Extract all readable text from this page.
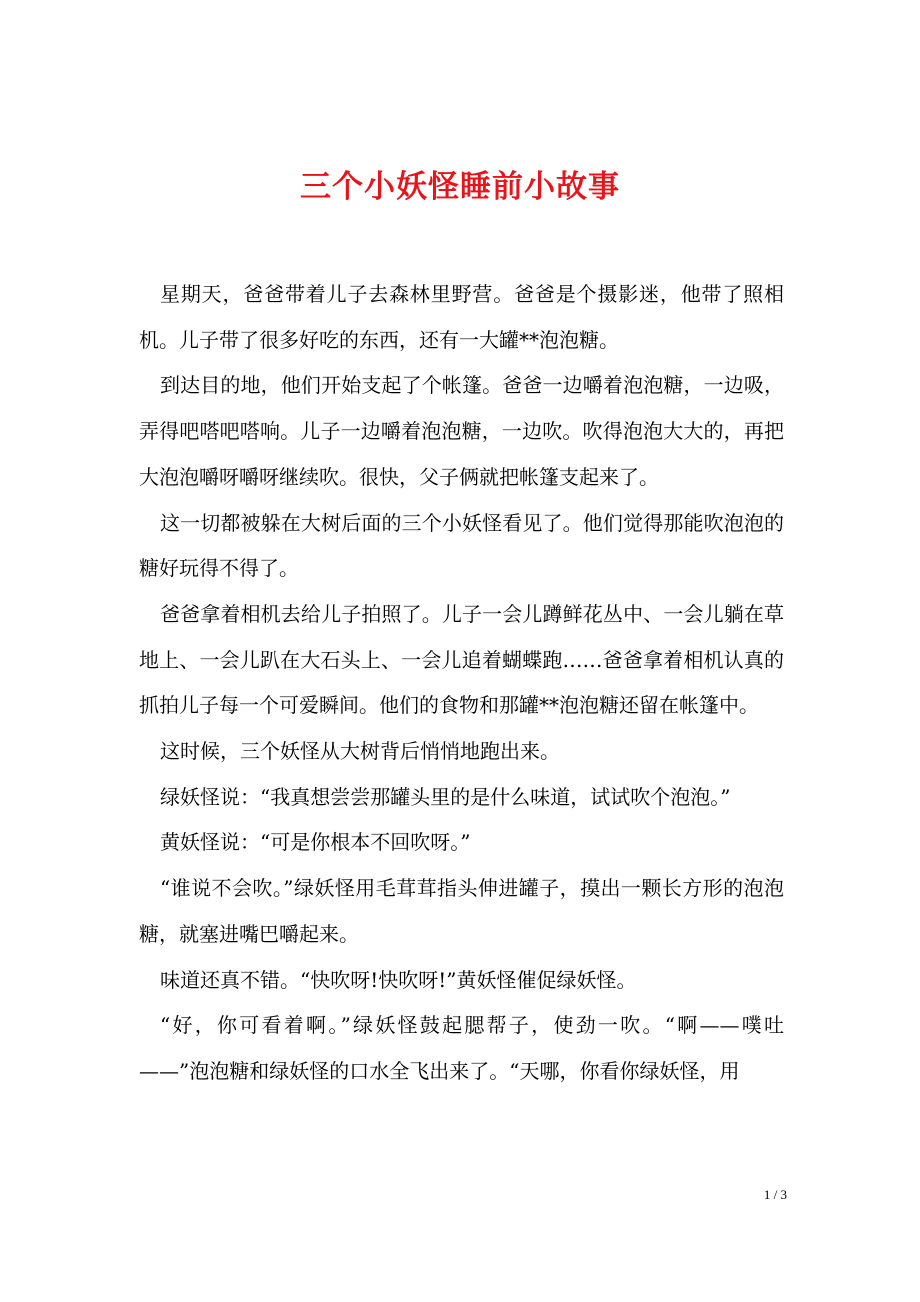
三个小妖怪睡前小故事

星期天，爸爸带着儿子去森林里野营。爸爸是个摄影迷，他带了照相机。儿子带了很多好吃的东西，还有一大罐**泡泡糖。

到达目的地，他们开始支起了个帐篷。爸爸一边嚼着泡泡糖，一边吸，弄得吧嗒吧嗒响。儿子一边嚼着泡泡糖，一边吹。吹得泡泡大大的，再把大泡泡嚼呀嚼呀继续吹。很快，父子俩就把帐篷支起来了。

这一切都被躲在大树后面的三个小妖怪看见了。他们觉得那能吹泡泡的糖好玩得不得了。

爸爸拿着相机去给儿子拍照了。儿子一会儿蹲鲜花丛中、一会儿躺在草地上、一会儿趴在大石头上、一会儿追着蝴蝶跑……爸爸拿着相机认真的抓拍儿子每一个可爱瞬间。他们的食物和那罐**泡泡糖还留在帐篷中。

这时候，三个妖怪从大树背后悄悄地跑出来。

绿妖怪说：“我真想尝尝那罐头里的是什么味道，试试吹个泡泡。”

黄妖怪说：“可是你根本不回吹呀。”

“谁说不会吹。”绿妖怪用毛茸茸指头伸进罐子，摸出一颗长方形的泡泡糖，就塞进嘴巴嚼起来。

味道还真不错。“快吹呀!快吹呀!”黄妖怪催促绿妖怪。

“好，你可看着啊。”绿妖怪鼓起腮帮子，使劲一吹。“啊——噗吐——”泡泡糖和绿妖怪的口水全飞出来了。“天哪，你看你绿妖怪，用

1 / 3
